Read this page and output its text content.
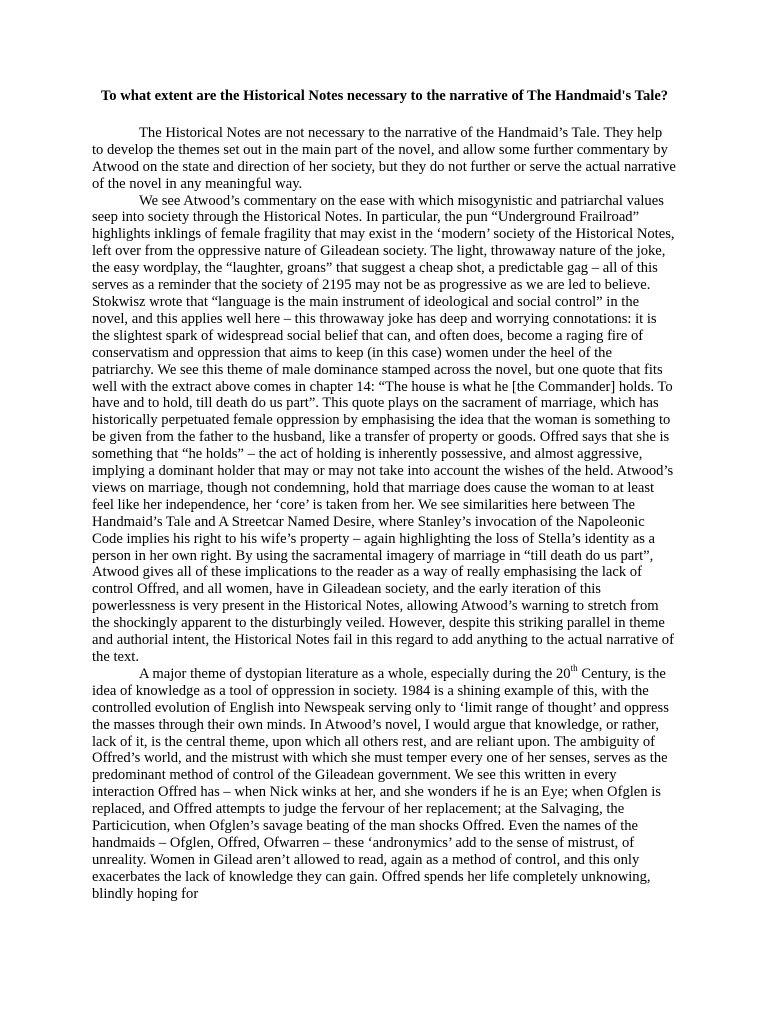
To what extent are the Historical Notes necessary to the narrative of The Handmaid's Tale?

The Historical Notes are not necessary to the narrative of the Handmaid’s Tale. They help to develop the themes set out in the main part of the novel, and allow some further commentary by Atwood on the state and direction of her society, but they do not further or serve the actual narrative of the novel in any meaningful way.

We see Atwood’s commentary on the ease with which misogynistic and patriarchal values seep into society through the Historical Notes. In particular, the pun “Underground Frailroad” highlights inklings of female fragility that may exist in the ‘modern’ society of the Historical Notes, left over from the oppressive nature of Gileadean society. The light, throwaway nature of the joke, the easy wordplay, the “laughter, groans” that suggest a cheap shot, a predictable gag – all of this serves as a reminder that the society of 2195 may not be as progressive as we are led to believe. Stokwisz wrote that “language is the main instrument of ideological and social control” in the novel, and this applies well here – this throwaway joke has deep and worrying connotations: it is the slightest spark of widespread social belief that can, and often does, become a raging fire of conservatism and oppression that aims to keep (in this case) women under the heel of the patriarchy. We see this theme of male dominance stamped across the novel, but one quote that fits well with the extract above comes in chapter 14: “The house is what he [the Commander] holds. To have and to hold, till death do us part”. This quote plays on the sacrament of marriage, which has historically perpetuated female oppression by emphasising the idea that the woman is something to be given from the father to the husband, like a transfer of property or goods. Offred says that she is something that “he holds” – the act of holding is inherently possessive, and almost aggressive, implying a dominant holder that may or may not take into account the wishes of the held. Atwood’s views on marriage, though not condemning, hold that marriage does cause the woman to at least feel like her independence, her ‘core’ is taken from her. We see similarities here between The Handmaid’s Tale and A Streetcar Named Desire, where Stanley’s invocation of the Napoleonic Code implies his right to his wife’s property – again highlighting the loss of Stella’s identity as a person in her own right. By using the sacramental imagery of marriage in “till death do us part”, Atwood gives all of these implications to the reader as a way of really emphasising the lack of control Offred, and all women, have in Gileadean society, and the early iteration of this powerlessness is very present in the Historical Notes, allowing Atwood’s warning to stretch from the shockingly apparent to the disturbingly veiled. However, despite this striking parallel in theme and authorial intent, the Historical Notes fail in this regard to add anything to the actual narrative of the text.

A major theme of dystopian literature as a whole, especially during the 20th Century, is the idea of knowledge as a tool of oppression in society. 1984 is a shining example of this, with the controlled evolution of English into Newspeak serving only to ‘limit range of thought’ and oppress the masses through their own minds. In Atwood’s novel, I would argue that knowledge, or rather, lack of it, is the central theme, upon which all others rest, and are reliant upon. The ambiguity of Offred’s world, and the mistrust with which she must temper every one of her senses, serves as the predominant method of control of the Gileadean government. We see this written in every interaction Offred has – when Nick winks at her, and she wonders if he is an Eye; when Ofglen is replaced, and Offred attempts to judge the fervour of her replacement; at the Salvaging, the Particicution, when Ofglen’s savage beating of the man shocks Offred. Even the names of the handmaids – Ofglen, Offred, Ofwarren – these ‘andronymics’ add to the sense of mistrust, of unreality. Women in Gilead aren’t allowed to read, again as a method of control, and this only exacerbates the lack of knowledge they can gain. Offred spends her life completely unknowing, blindly hoping for
